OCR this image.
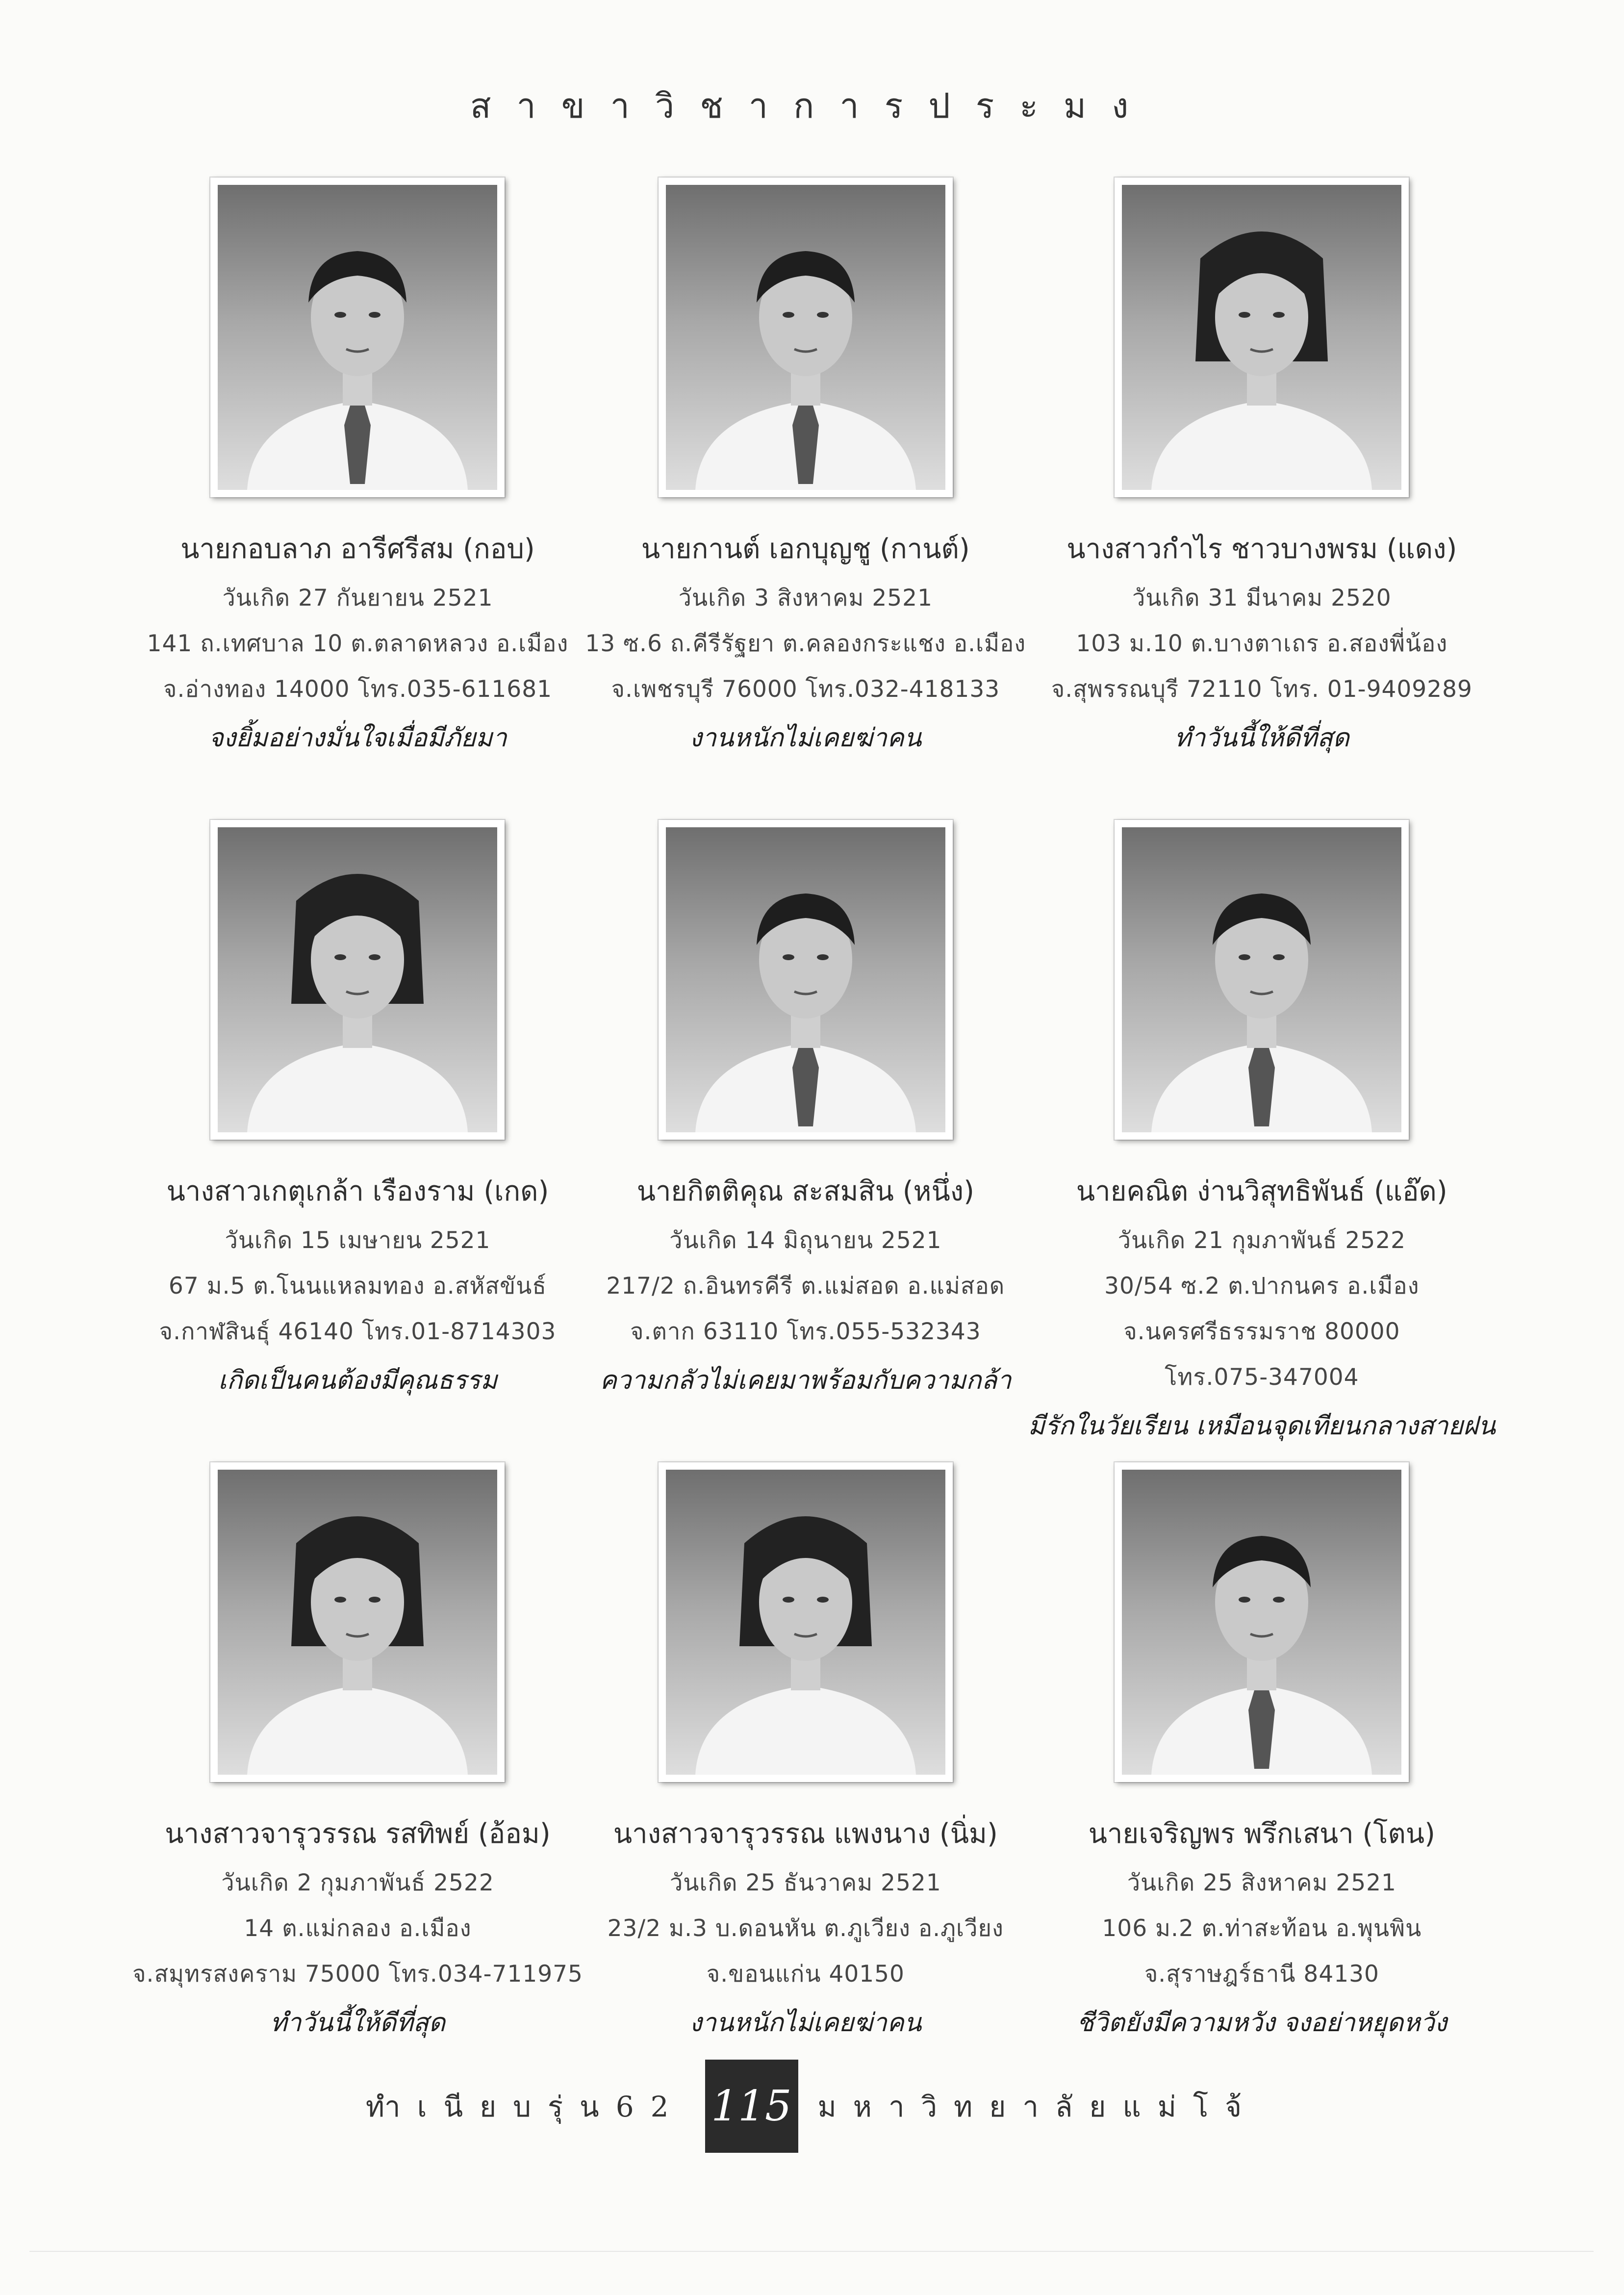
สาขาวิชาการประมง
นายกอบลาภ อารีศรีสม (กอบ)
วันเกิด 27 กันยายน 2521
141 ถ.เทศบาล 10 ต.ตลาดหลวง อ.เมือง
จ.อ่างทอง 14000 โทร.035-611681
จงยิ้มอย่างมั่นใจเมื่อมีภัยมา
นายกานต์ เอกบุญชู (กานต์)
วันเกิด 3 สิงหาคม 2521
13 ซ.6 ถ.คีรีรัฐยา ต.คลองกระแชง อ.เมือง
จ.เพชรบุรี 76000 โทร.032-418133
งานหนักไม่เคยฆ่าคน
นางสาวกำไร ชาวบางพรม (แดง)
วันเกิด 31 มีนาคม 2520
103 ม.10 ต.บางตาเถร อ.สองพี่น้อง
จ.สุพรรณบุรี 72110 โทร. 01-9409289
ทำวันนี้ให้ดีที่สุด
นางสาวเกตุเกล้า เรืองราม (เกด)
วันเกิด 15 เมษายน 2521
67 ม.5 ต.โนนแหลมทอง อ.สหัสขันธ์
จ.กาฬสินธุ์ 46140 โทร.01-8714303
เกิดเป็นคนต้องมีคุณธรรม
นายกิตติคุณ สะสมสิน (หนึ่ง)
วันเกิด 14 มิถุนายน 2521
217/2 ถ.อินทรคีรี ต.แม่สอด อ.แม่สอด
จ.ตาก 63110 โทร.055-532343
ความกลัวไม่เคยมาพร้อมกับความกล้า
นายคณิต ง่านวิสุทธิพันธ์ (แอ๊ด)
วันเกิด 21 กุมภาพันธ์ 2522
30/54 ซ.2 ต.ปากนคร อ.เมือง
จ.นครศรีธรรมราช 80000
โทร.075-347004
มีรักในวัยเรียน เหมือนจุดเทียนกลางสายฝน
นางสาวจารุวรรณ รสทิพย์ (อ้อม)
วันเกิด 2 กุมภาพันธ์ 2522
14 ต.แม่กลอง อ.เมือง
จ.สมุทรสงคราม 75000 โทร.034-711975
ทำวันนี้ให้ดีที่สุด
นางสาวจารุวรรณ แพงนาง (นิ่ม)
วันเกิด 25 ธันวาคม 2521
23/2 ม.3 บ.ดอนหัน ต.ภูเวียง อ.ภูเวียง
จ.ขอนแก่น 40150
งานหนักไม่เคยฆ่าคน
นายเจริญพร พรึกเสนา (โตน)
วันเกิด 25 สิงหาคม 2521
106 ม.2 ต.ท่าสะท้อน อ.พุนพิน
จ.สุราษฎร์ธานี 84130
ชีวิตยังมีความหวัง จงอย่าหยุดหวัง
ทำเนียบรุ่น62 115 มหาวิทยาลัยแม่โจ้
